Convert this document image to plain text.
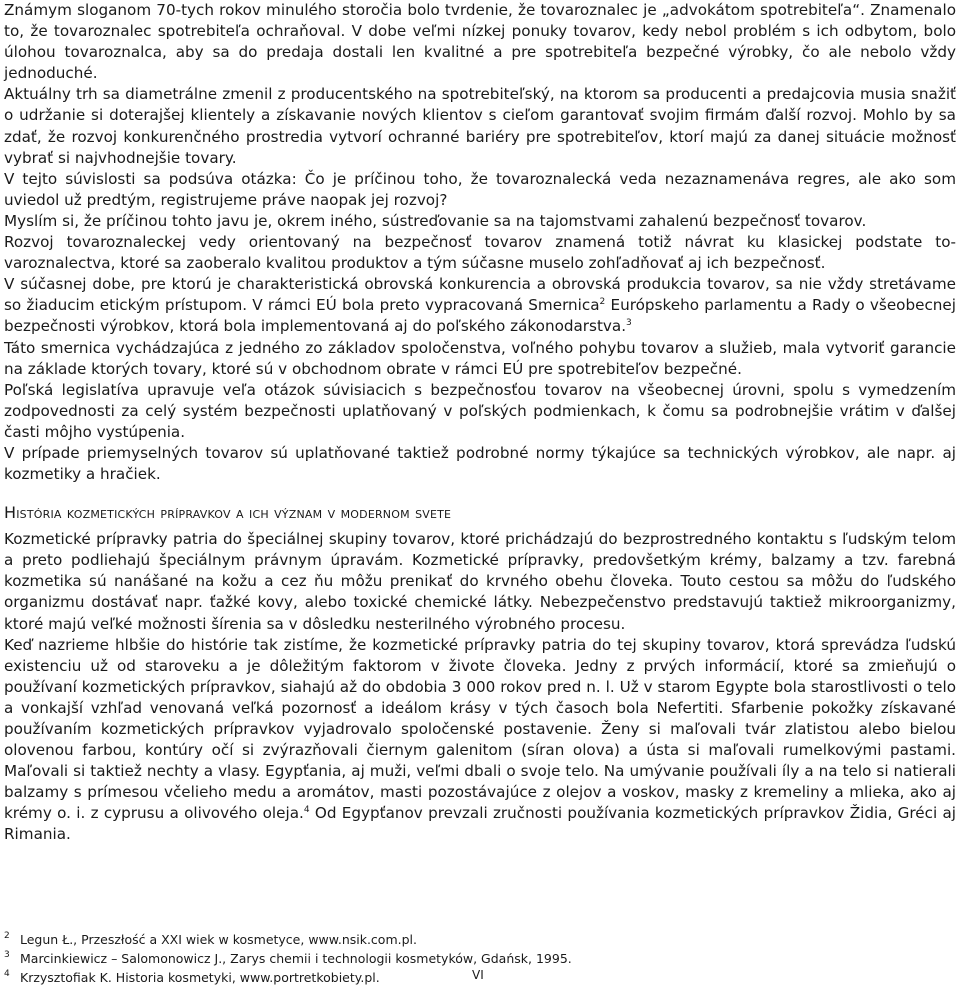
Známym sloganom 70-tych rokov minulého storočia bolo tvrdenie, že tovaroznalec je „advokátom spotrebiteľa“. Znamenalo to, že tovaroznalec spotrebiteľa ochraňoval. V dobe veľmi nízkej ponuky tovarov, kedy nebol problém s ich odbytom, bolo úlohou tovaroznalca, aby sa do predaja dostali len kvalitné a pre spotrebiteľa bezpečné výrobky, čo ale nebolo vždy jednoduché.

Aktuálny trh sa diametrálne zmenil z producentského na spotrebiteľský, na ktorom sa producenti a predajcovia musia snažiť o udržanie si doterajšej klientely a získavanie nových klientov s cieľom garantovať svojim firmám ďalší rozvoj. Mohlo by sa zdať, že rozvoj konkurenčného prostredia vytvorí ochranné bariéry pre spotrebiteľov, ktorí majú za danej situácie možnosť vybrať si najvhodnejšie tovary.

V tejto súvislosti sa podsúva otázka: Čo je príčinou toho, že tovaroznalecká veda nezaznamenáva regres, ale ako som uviedol už predtým, registrujeme práve naopak jej rozvoj?

Myslím si, že príčinou tohto javu je, okrem iného, sústreďovanie sa na tajomstvami zahalenú bezpečnosť tovarov.

Rozvoj tovaroznaleckej vedy orientovaný na bezpečnosť tovarov znamená totiž návrat ku klasickej podstate tovaroznalectva, ktoré sa zaoberalo kvalitou produktov a tým súčasne muselo zohľadňovať aj ich bezpečnosť.

V súčasnej dobe, pre ktorú je charakteristická obrovská konkurencia a obrovská produkcia tovarov, sa nie vždy stretávame so žiaducim etickým prístupom. V rámci EÚ bola preto vypracovaná Smernica$^2$ Európskeho parlamentu a Rady o všeobecnej bezpečnosti výrobkov, ktorá bola implementovaná aj do poľského zákonodarstva.$^3$

Táto smernica vychádzajúca z jedného zo základov spoločenstva, voľného pohybu tovarov a služieb, mala vytvoriť garancie na základe ktorých tovary, ktoré sú v obchodnom obrate v rámci EÚ pre spotrebiteľov bezpečné.

Poľská legislatíva upravuje veľa otázok súvisiacich s bezpečnosťou tovarov na všeobecnej úrovni, spolu s vymedzením zodpovednosti za celý systém bezpečnosti uplatňovaný v poľských podmienkach, k čomu sa podrobnejšie vrátim v ďalšej časti môjho vystúpenia.

V prípade priemyselných tovarov sú uplatňované taktiež podrobné normy týkajúce sa technických výrobkov, ale napr. aj kozmetiky a hračiek.

História kozmetických prípravkov a ich význam v modernom svete

Kozmetické prípravky patria do špeciálnej skupiny tovarov, ktoré prichádzajú do bezprostredného kontaktu s ľudským telom a preto podliehajú špeciálnym právnym úpravám. Kozmetické prípravky, predovšetkým krémy, balzamy a tzv. farebná kozmetika sú nanášané na kožu a cez ňu môžu prenikať do krvného obehu človeka. Touto cestou sa môžu do ľudského organizmu dostávať napr. ťažké kovy, alebo toxické chemické látky. Nebezpečenstvo predstavujú taktiež mikroorganizmy, ktoré majú veľké možnosti šírenia sa v dôsledku nesterilného výrobného procesu.

Keď nazrieme hlbšie do histórie tak zistíme, že kozmetické prípravky patria do tej skupiny tovarov, ktorá sprevádza ľudskú existenciu už od staroveku a je dôležitým faktorom v živote človeka. Jedny z prvých informácií, ktoré sa zmieňujú o používaní kozmetických prípravkov, siahajú až do obdobia 3 000 rokov pred n. l. Už v starom Egypte bola starostlivosti o telo a vonkajší vzhľad venovaná veľká pozornosť a ideálom krásy v tých časoch bola Nefertiti. Sfarbenie pokožky získavané používaním kozmetických prípravkov vyjadrovalo spoločenské postavenie. Ženy si maľovali tvár zlatistou alebo bielou olovenou farbou, kontúry očí si zvýrazňovali čiernym galenitom (síran olova) a ústa si maľovali rumelkovými pastami. Maľovali si taktiež nechty a vlasy. Egypťania, aj muži, veľmi dbali o svoje telo. Na umývanie používali íly a na telo si natierali balzamy s prímesou včelieho medu a aromátov, masti pozostávajúce z olejov a voskov, masky z kremeliny a mlieka, ako aj krémy o. i. z cyprusu a olivového oleja.$^4$ Od Egypťanov prevzali zručnosti používania kozmetických prípravkov Židia, Gréci aj Rimania.

2 Legun Ł., Przeszłość a XXI wiek w kosmetyce, www.nsik.com.pl.
3 Marcinkiewicz – Salomonowicz J., Zarys chemii i technologii kosmetyków, Gdańsk, 1995.
4 Krzysztofiak K. Historia kosmetyki, www.portretkobiety.pl.	VI
